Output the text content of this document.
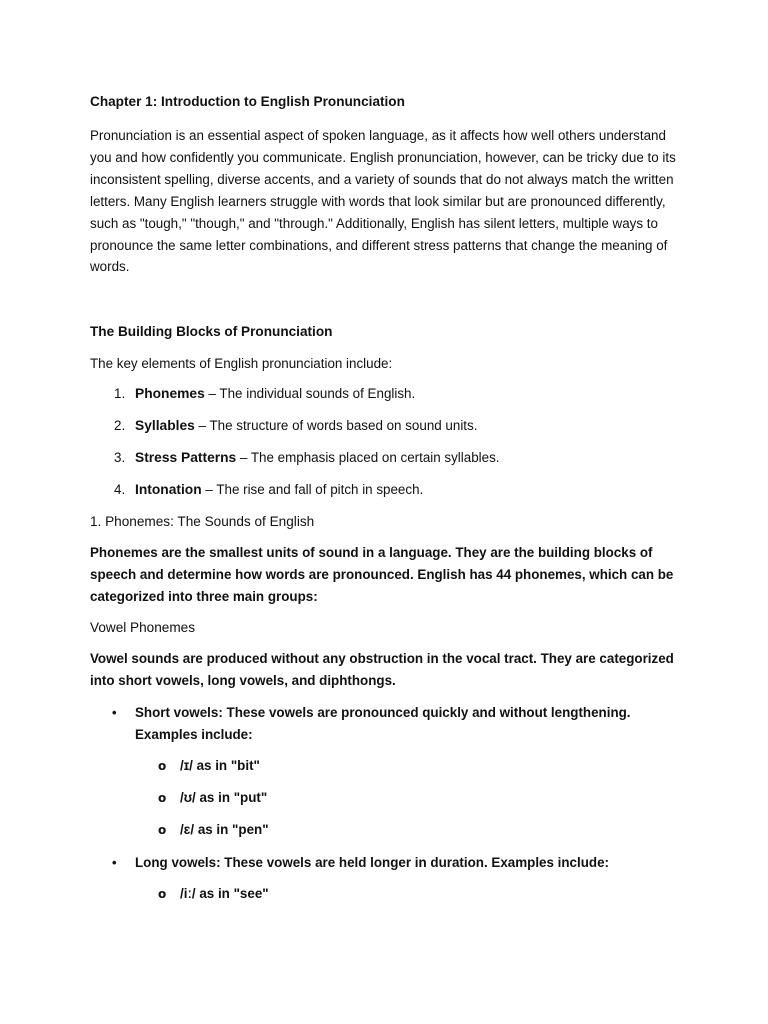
Chapter 1: Introduction to English Pronunciation

Pronunciation is an essential aspect of spoken language, as it affects how well others understand you and how confidently you communicate. English pronunciation, however, can be tricky due to its inconsistent spelling, diverse accents, and a variety of sounds that do not always match the written letters. Many English learners struggle with words that look similar but are pronounced differently, such as "tough," "though," and "through." Additionally, English has silent letters, multiple ways to pronounce the same letter combinations, and different stress patterns that change the meaning of words.

The Building Blocks of Pronunciation

The key elements of English pronunciation include:

1. Phonemes – The individual sounds of English.
2. Syllables – The structure of words based on sound units.
3. Stress Patterns – The emphasis placed on certain syllables.
4. Intonation – The rise and fall of pitch in speech.
1. Phonemes: The Sounds of English

Phonemes are the smallest units of sound in a language. They are the building blocks of speech and determine how words are pronounced. English has 44 phonemes, which can be categorized into three main groups:

Vowel Phonemes

Vowel sounds are produced without any obstruction in the vocal tract. They are categorized into short vowels, long vowels, and diphthongs.

• Short vowels: These vowels are pronounced quickly and without lengthening. Examples include:
o /ɪ/ as in "bit"
o /ʊ/ as in "put"
o /ɛ/ as in "pen"
• Long vowels: These vowels are held longer in duration. Examples include:
o /iː/ as in "see"
